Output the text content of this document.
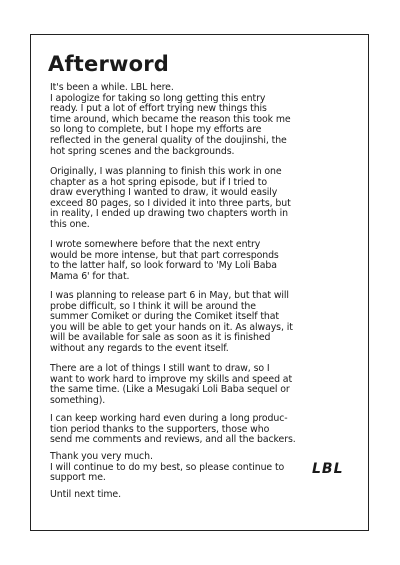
Afterword

It's been a while. LBL here.
I apologize for taking so long getting this entry
ready. I put a lot of effort trying new things this
time around, which became the reason this took me
so long to complete, but I hope my efforts are
reflected in the general quality of the doujinshi, the
hot spring scenes and the backgrounds.

Originally, I was planning to finish this work in one
chapter as a hot spring episode, but if I tried to
draw everything I wanted to draw, it would easily
exceed 80 pages, so I divided it into three parts, but
in reality, I ended up drawing two chapters worth in
this one.

I wrote somewhere before that the next entry
would be more intense, but that part corresponds
to the latter half, so look forward to 'My Loli Baba
Mama 6' for that.

I was planning to release part 6 in May, but that will
probe difficult, so I think it will be around the
summer Comiket or during the Comiket itself that
you will be able to get your hands on it. As always, it
will be available for sale as soon as it is finished
without any regards to the event itself.

There are a lot of things I still want to draw, so I
want to work hard to improve my skills and speed at
the same time. (Like a Mesugaki Loli Baba sequel or
something).

I can keep working hard even during a long produc-
tion period thanks to the supporters, those who
send me comments and reviews, and all the backers.

Thank you very much.
I will continue to do my best, so please continue to
support me.

Until next time.

LBL
